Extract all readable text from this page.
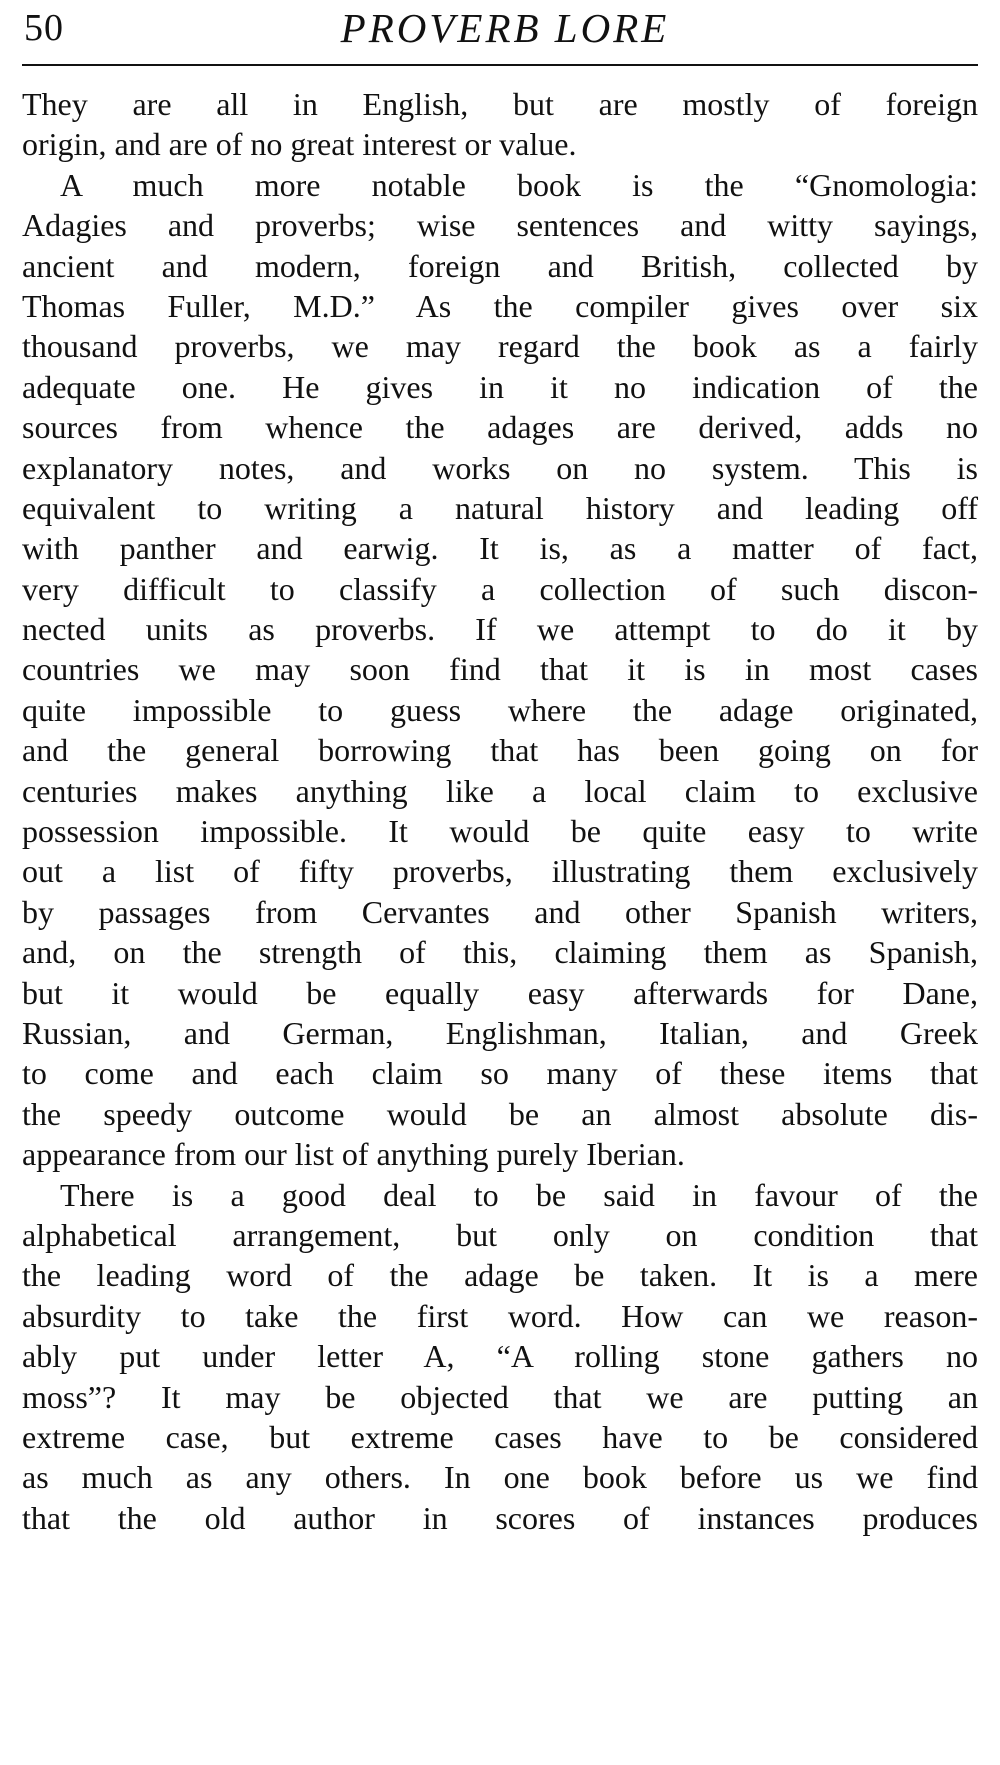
50	PROVERB LORE
They are all in English, but are mostly of foreign
origin, and are of no great interest or value.
A much more notable book is the “Gnomologia:
Adagies and proverbs; wise sentences and witty sayings,
ancient and modern, foreign and British, collected by
Thomas Fuller, M.D.” As the compiler gives over six
thousand proverbs, we may regard the book as a fairly
adequate one. He gives in it no indication of the
sources from whence the adages are derived, adds no
explanatory notes, and works on no system. This is
equivalent to writing a natural history and leading off
with panther and earwig. It is, as a matter of fact,
very difficult to classify a collection of such discon-
nected units as proverbs. If we attempt to do it by
countries we may soon find that it is in most cases
quite impossible to guess where the adage originated,
and the general borrowing that has been going on for
centuries makes anything like a local claim to exclusive
possession impossible. It would be quite easy to write
out a list of fifty proverbs, illustrating them exclusively
by passages from Cervantes and other Spanish writers,
and, on the strength of this, claiming them as Spanish,
but it would be equally easy afterwards for Dane,
Russian, and German, Englishman, Italian, and Greek
to come and each claim so many of these items that
the speedy outcome would be an almost absolute dis-
appearance from our list of anything purely Iberian.
There is a good deal to be said in favour of the
alphabetical arrangement, but only on condition that
the leading word of the adage be taken. It is a mere
absurdity to take the first word. How can we reason-
ably put under letter A, “A rolling stone gathers no
moss”? It may be objected that we are putting an
extreme case, but extreme cases have to be considered
as much as any others. In one book before us we find
that the old author in scores of instances produces
